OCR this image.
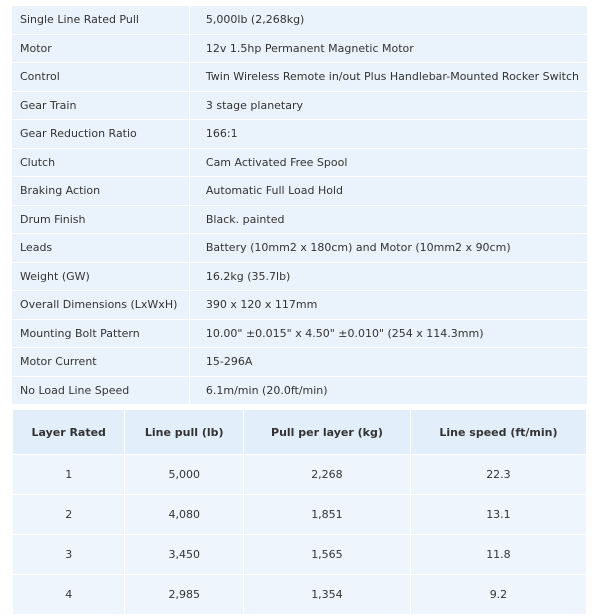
Single Line Rated Pull	5,000lb (2,268kg)
Motor	12v 1.5hp Permanent Magnetic Motor
Control	Twin Wireless Remote in/out Plus Handlebar-Mounted Rocker Switch
Gear Train	3 stage planetary
Gear Reduction Ratio	166:1
Clutch	Cam Activated Free Spool
Braking Action	Automatic Full Load Hold
Drum Finish	Black. painted
Leads	Battery (10mm2 x 180cm) and Motor (10mm2 x 90cm)
Weight (GW)	16.2kg (35.7lb)
Overall Dimensions (LxWxH)	390 x 120 x 117mm
Mounting Bolt Pattern	10.00" ±0.015" x 4.50" ±0.010" (254 x 114.3mm)
Motor Current	15-296A
No Load Line Speed	6.1m/min (20.0ft/min)
Layer Rated	Line pull (lb)	Pull per layer (kg)	Line speed (ft/min)
1	5,000	2,268	22.3
2	4,080	1,851	13.1
3	3,450	1,565	11.8
4	2,985	1,354	9.2
